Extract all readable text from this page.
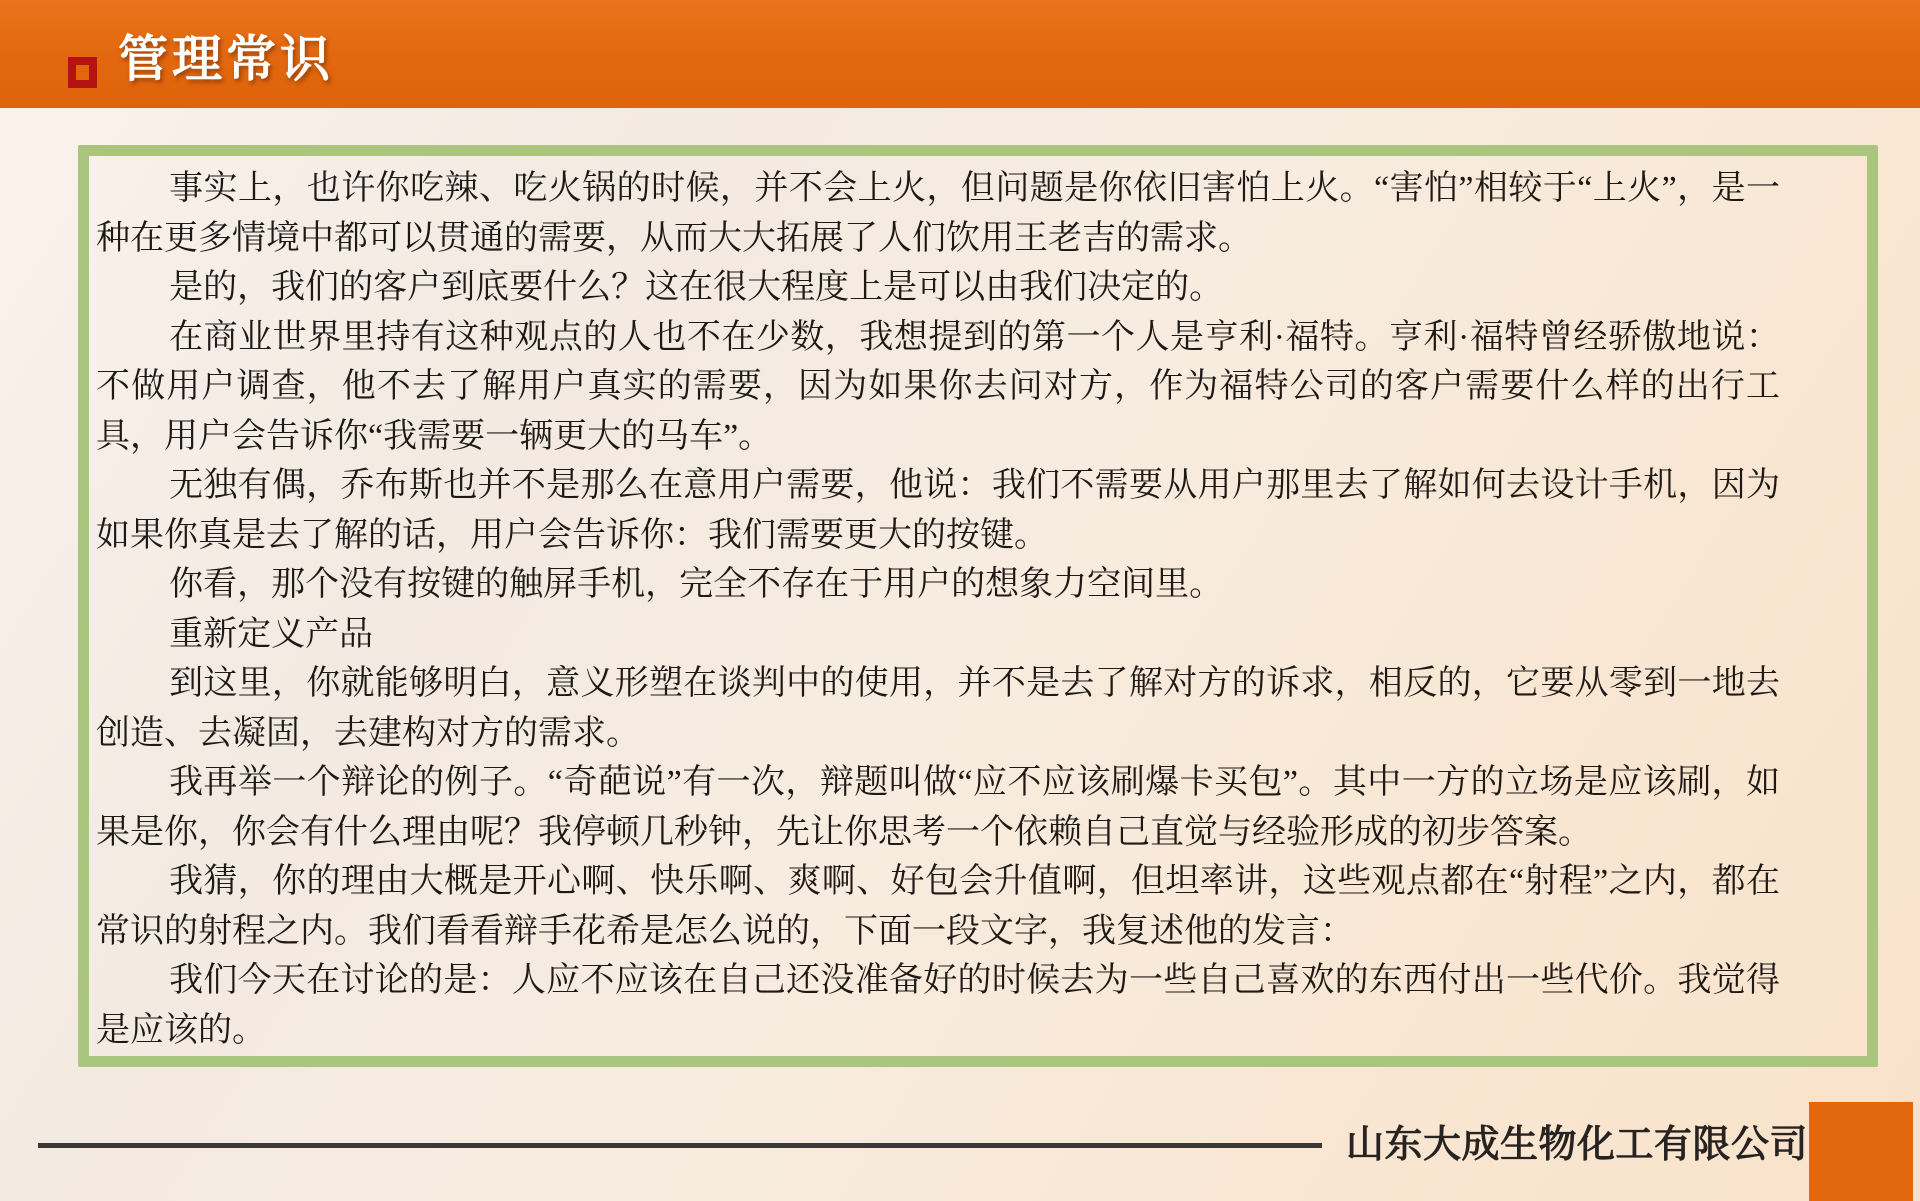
管理常识

事实上，也许你吃辣、吃火锅的时候，并不会上火，但问题是你依旧害怕上火。“害怕”相较于“上火”，是一种在更多情境中都可以贯通的需要，从而大大拓展了人们饮用王老吉的需求。

是的，我们的客户到底要什么？这在很大程度上是可以由我们决定的。

在商业世界里持有这种观点的人也不在少数，我想提到的第一个人是亨利·福特。亨利·福特曾经骄傲地说：不做用户调查，他不去了解用户真实的需要，因为如果你去问对方，作为福特公司的客户需要什么样的出行工具，用户会告诉你“我需要一辆更大的马车”。

无独有偶，乔布斯也并不是那么在意用户需要，他说：我们不需要从用户那里去了解如何去设计手机，因为如果你真是去了解的话，用户会告诉你：我们需要更大的按键。

你看，那个没有按键的触屏手机，完全不存在于用户的想象力空间里。

重新定义产品

到这里，你就能够明白，意义形塑在谈判中的使用，并不是去了解对方的诉求，相反的，它要从零到一地去创造、去凝固，去建构对方的需求。

我再举一个辩论的例子。“奇葩说”有一次，辩题叫做“应不应该刷爆卡买包”。其中一方的立场是应该刷，如果是你，你会有什么理由呢？我停顿几秒钟，先让你思考一个依赖自己直觉与经验形成的初步答案。

我猜，你的理由大概是开心啊、快乐啊、爽啊、好包会升值啊，但坦率讲，这些观点都在“射程”之内，都在常识的射程之内。我们看看辩手花希是怎么说的，下面一段文字，我复述他的发言：

我们今天在讨论的是：人应不应该在自己还没准备好的时候去为一些自己喜欢的东西付出一些代价。我觉得是应该的。

山东大成生物化工有限公司
